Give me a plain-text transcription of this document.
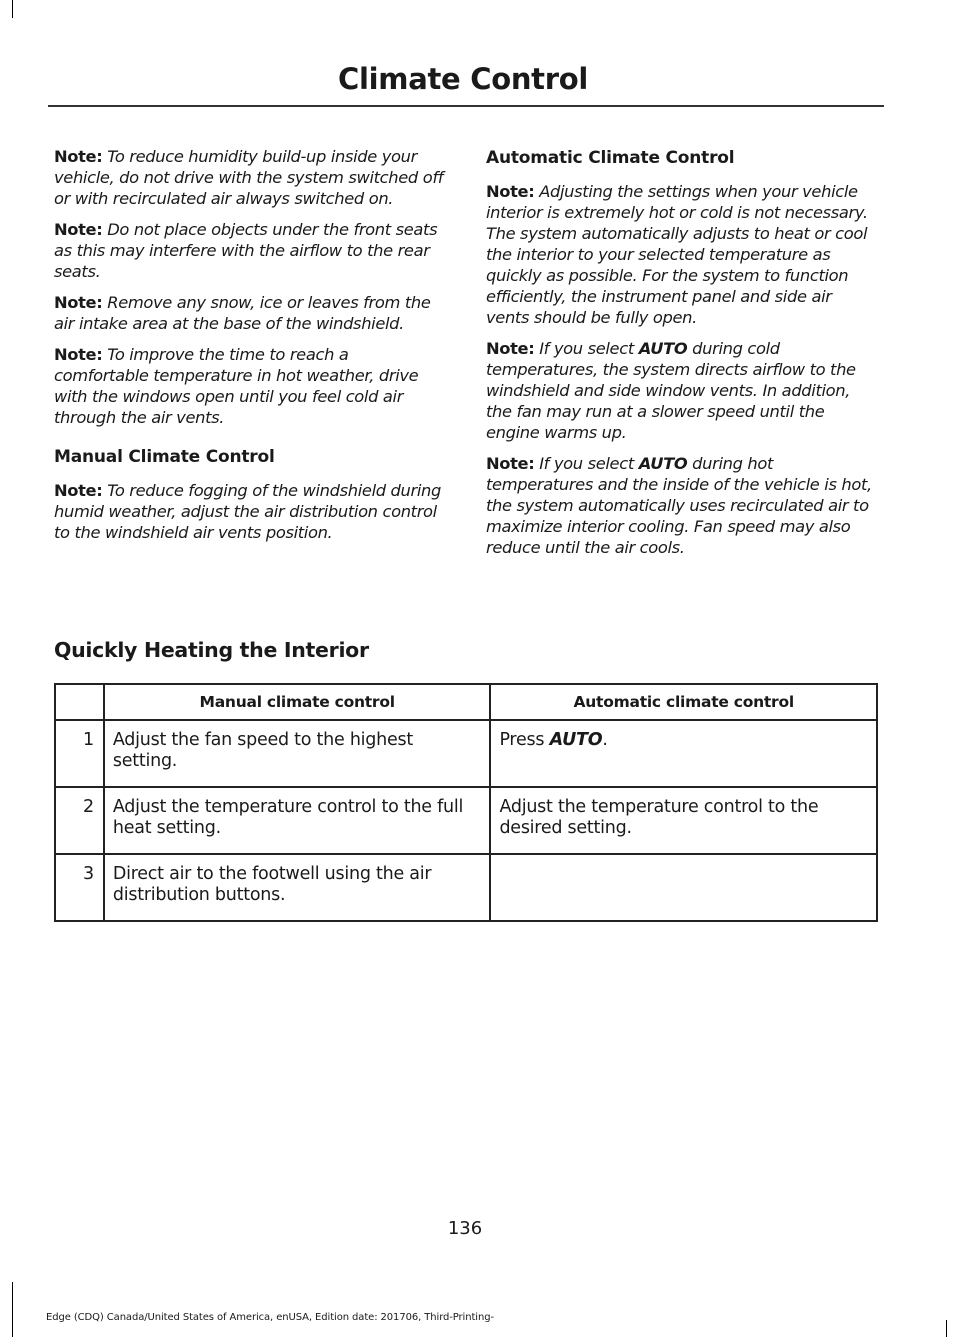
Climate Control

Note: To reduce humidity build-up inside your vehicle, do not drive with the system switched off or with recirculated air always switched on.

Note: Do not place objects under the front seats as this may interfere with the airflow to the rear seats.

Note: Remove any snow, ice or leaves from the air intake area at the base of the windshield.

Note: To improve the time to reach a comfortable temperature in hot weather, drive with the windows open until you feel cold air through the air vents.

Manual Climate Control

Note: To reduce fogging of the windshield during humid weather, adjust the air distribution control to the windshield air vents position.

Automatic Climate Control

Note: Adjusting the settings when your vehicle interior is extremely hot or cold is not necessary. The system automatically adjusts to heat or cool the interior to your selected temperature as quickly as possible. For the system to function efficiently, the instrument panel and side air vents should be fully open.

Note: If you select AUTO during cold temperatures, the system directs airflow to the windshield and side window vents. In addition, the fan may run at a slower speed until the engine warms up.

Note: If you select AUTO during hot temperatures and the inside of the vehicle is hot, the system automatically uses recirculated air to maximize interior cooling. Fan speed may also reduce until the air cools.

Quickly Heating the Interior
	Manual climate control	Automatic climate control
1	Adjust the fan speed to the highest setting.	Press AUTO.
2	Adjust the temperature control to the full heat setting.	Adjust the temperature control to the desired setting.
3	Direct air to the footwell using the air distribution buttons.	
136
Edge (CDQ) Canada/United States of America, enUSA, Edition date: 201706, Third-Printing-
